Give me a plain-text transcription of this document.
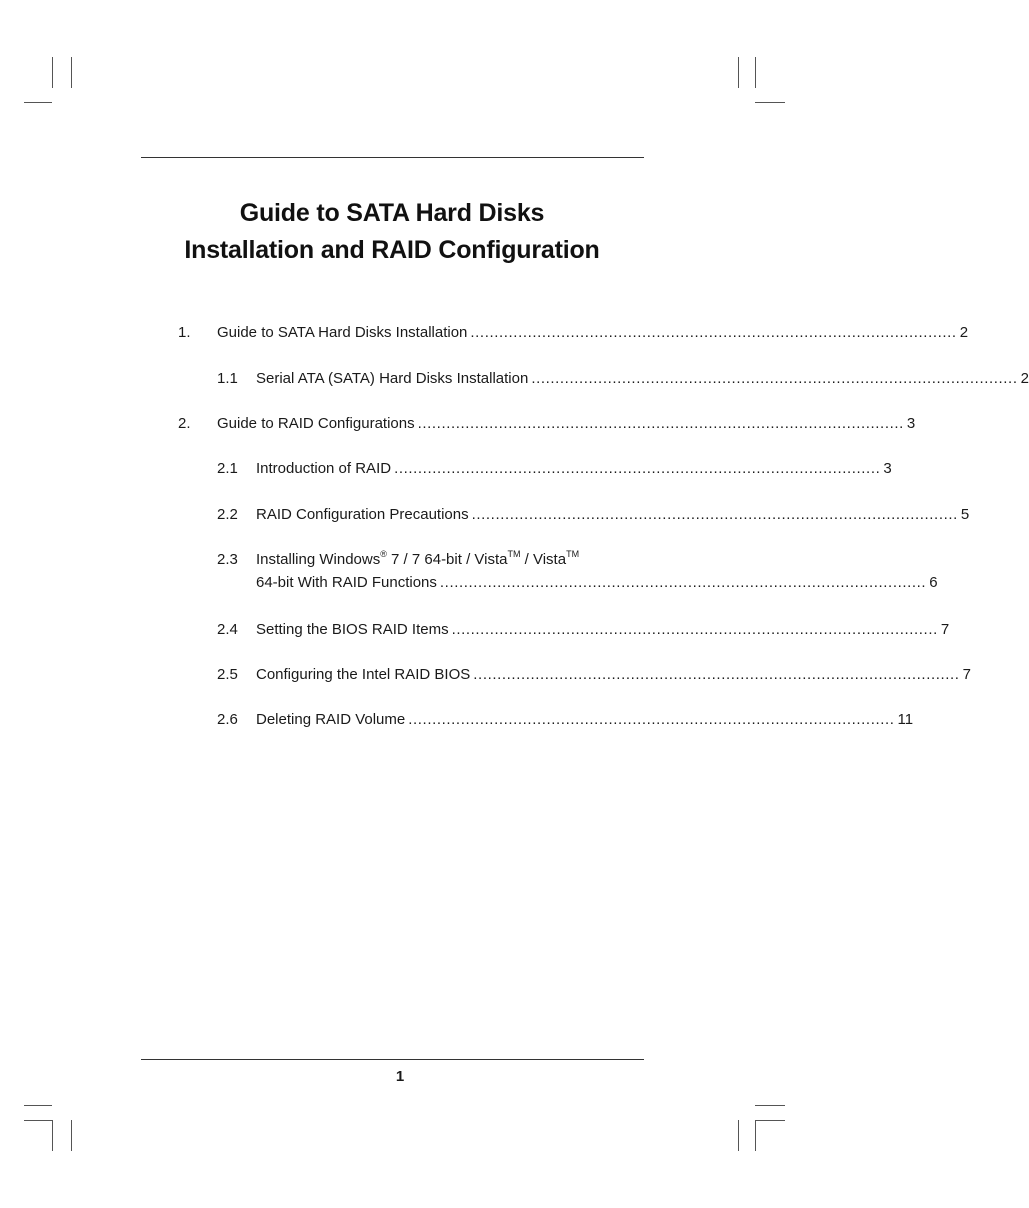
Guide to SATA Hard Disks
Installation and RAID Configuration
1. Guide to SATA Hard Disks Installation ...................................................................................................... 2
1.1 Serial ATA (SATA) Hard Disks Installation ...................................................................................................... 2
2. Guide to RAID Configurations ...................................................................................................... 3
2.1 Introduction of RAID ...................................................................................................... 3
2.2 RAID Configuration Precautions ...................................................................................................... 5
2.3 Installing Windows® 7 / 7 64-bit / Vista™ / Vista™
64-bit With RAID Functions ...................................................................................................... 6
2.4 Setting the BIOS RAID Items ...................................................................................................... 7
2.5 Configuring the Intel RAID BIOS ...................................................................................................... 7
2.6 Deleting RAID Volume ...................................................................................................... 11
1
